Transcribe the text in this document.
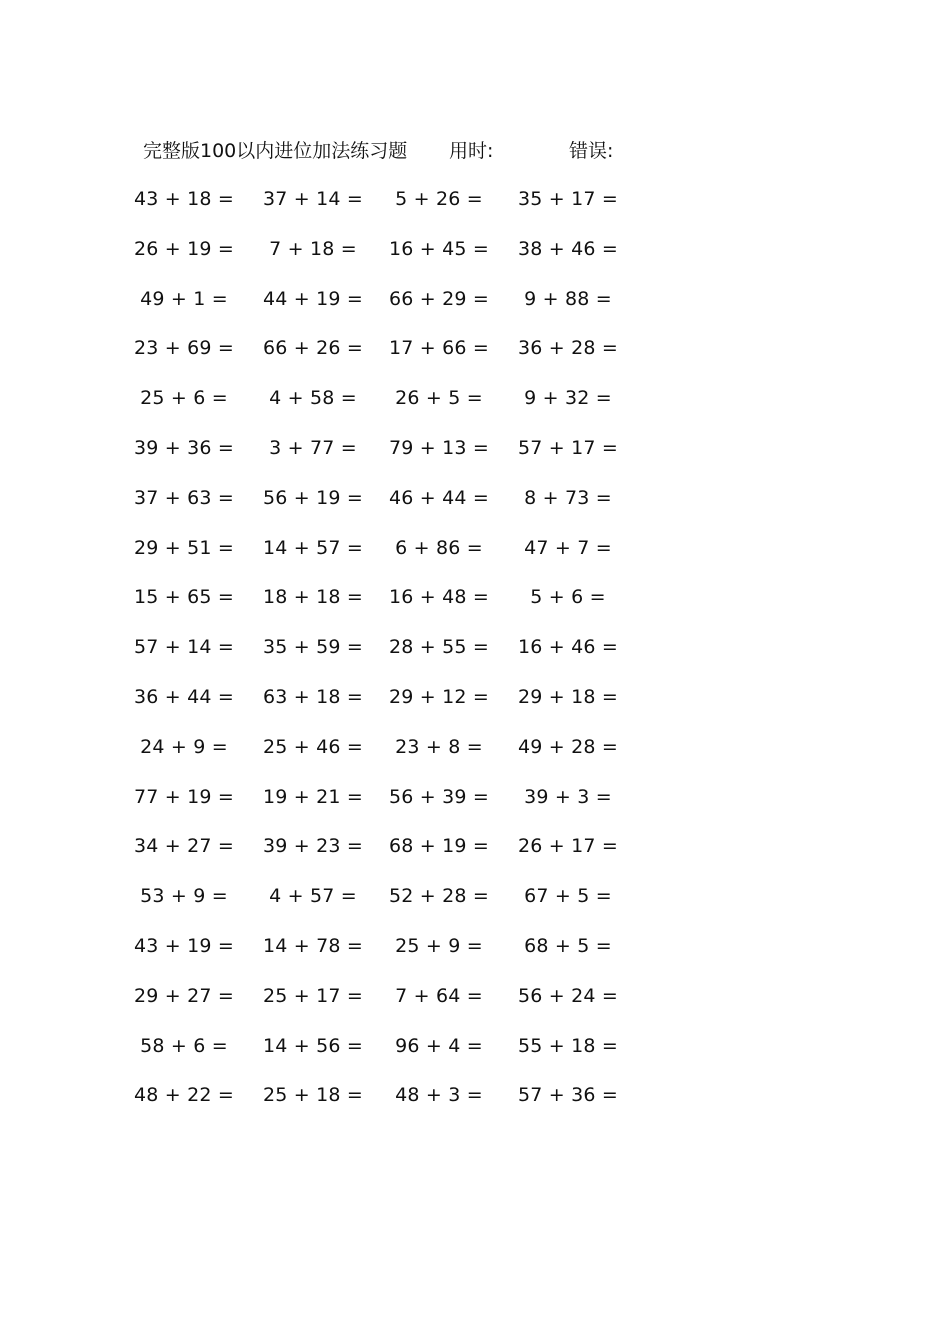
完整版100以内进位加法练习题 用时:	错误:
43 + 18 =	37 + 14 =	5 + 26 =	35 + 17 =
26 + 19 =	7 + 18 =	16 + 45 =	38 + 46 =
49 + 1 =	44 + 19 =	66 + 29 =	9 + 88 =
23 + 69 =	66 + 26 =	17 + 66 =	36 + 28 =
25 + 6 =	4 + 58 =	26 + 5 =	9 + 32 =
39 + 36 =	3 + 77 =	79 + 13 =	57 + 17 =
37 + 63 =	56 + 19 =	46 + 44 =	8 + 73 =
29 + 51 =	14 + 57 =	6 + 86 =	47 + 7 =
15 + 65 =	18 + 18 =	16 + 48 =	5 + 6 =
57 + 14 =	35 + 59 =	28 + 55 =	16 + 46 =
36 + 44 =	63 + 18 =	29 + 12 =	29 + 18 =
24 + 9 =	25 + 46 =	23 + 8 =	49 + 28 =
77 + 19 =	19 + 21 =	56 + 39 =	39 + 3 =
34 + 27 =	39 + 23 =	68 + 19 =	26 + 17 =
53 + 9 =	4 + 57 =	52 + 28 =	67 + 5 =
43 + 19 =	14 + 78 =	25 + 9 =	68 + 5 =
29 + 27 =	25 + 17 =	7 + 64 =	56 + 24 =
58 + 6 =	14 + 56 =	96 + 4 =	55 + 18 =
48 + 22 =	25 + 18 =	48 + 3 =	57 + 36 =
